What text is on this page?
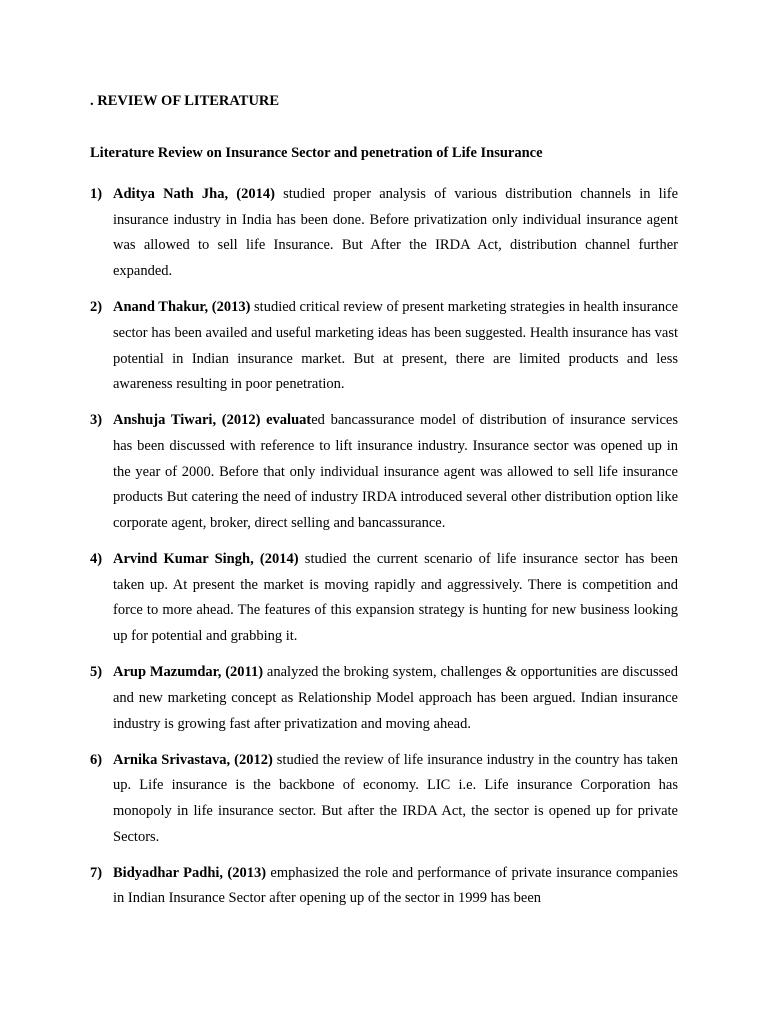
. REVIEW OF LITERATURE
Literature Review on Insurance Sector and penetration of Life Insurance
1) Aditya Nath Jha, (2014) studied proper analysis of various distribution channels in life insurance industry in India has been done. Before privatization only individual insurance agent was allowed to sell life Insurance. But After the IRDA Act, distribution channel further expanded.
2) Anand Thakur, (2013) studied critical review of present marketing strategies in health insurance sector has been availed and useful marketing ideas has been suggested. Health insurance has vast potential in Indian insurance market. But at present, there are limited products and less awareness resulting in poor penetration.
3) Anshuja Tiwari, (2012) evaluated bancassurance model of distribution of insurance services has been discussed with reference to lift insurance industry. Insurance sector was opened up in the year of 2000. Before that only individual insurance agent was allowed to sell life insurance products But catering the need of industry IRDA introduced several other distribution option like corporate agent, broker, direct selling and bancassurance.
4) Arvind Kumar Singh, (2014) studied the current scenario of life insurance sector has been taken up. At present the market is moving rapidly and aggressively. There is competition and force to more ahead. The features of this expansion strategy is hunting for new business looking up for potential and grabbing it.
5) Arup Mazumdar, (2011) analyzed the broking system, challenges & opportunities are discussed and new marketing concept as Relationship Model approach has been argued. Indian insurance industry is growing fast after privatization and moving ahead.
6) Arnika Srivastava, (2012) studied the review of life insurance industry in the country has taken up. Life insurance is the backbone of economy. LIC i.e. Life insurance Corporation has monopoly in life insurance sector. But after the IRDA Act, the sector is opened up for private Sectors.
7) Bidyadhar Padhi, (2013) emphasized the role and performance of private insurance companies in Indian Insurance Sector after opening up of the sector in 1999 has been
